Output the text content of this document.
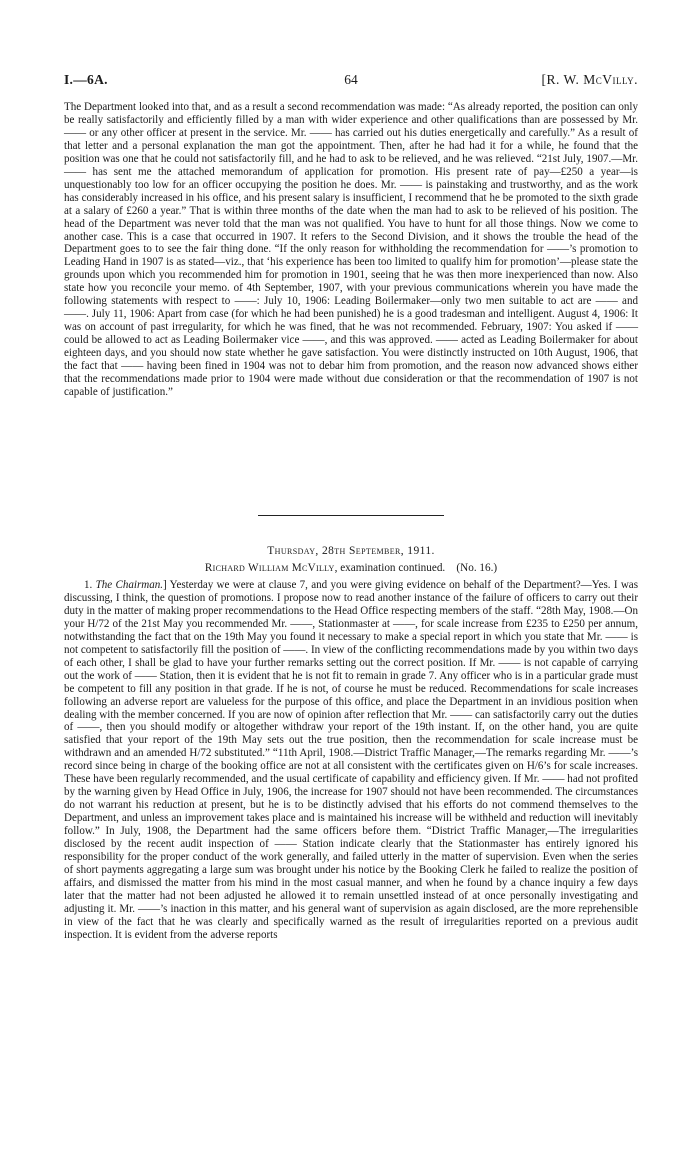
I.—6A.	64	[R. W. McVilly.

The Department looked into that, and as a result a second recommendation was made: “As already reported, the position can only be really satisfactorily and efficiently filled by a man with wider experience and other qualifications than are possessed by Mr. —— or any other officer at present in the service. Mr. —— has carried out his duties energetically and carefully.” As a result of that letter and a personal explanation the man got the appointment. Then, after he had had it for a while, he found that the position was one that he could not satisfactorily fill, and he had to ask to be relieved, and he was relieved. “21st July, 1907.—Mr. —— has sent me the attached memorandum of application for promotion. His present rate of pay—£250 a year—is unquestionably too low for an officer occupying the position he does. Mr. —— is painstaking and trustworthy, and as the work has considerably increased in his office, and his present salary is insufficient, I recommend that he be promoted to the sixth grade at a salary of £260 a year.” That is within three months of the date when the man had to ask to be relieved of his position. The head of the Department was never told that the man was not qualified. You have to hunt for all those things. Now we come to another case. This is a case that occurred in 1907. It refers to the Second Division, and it shows the trouble the head of the Department goes to to see the fair thing done. “If the only reason for withholding the recommendation for ——’s promotion to Leading Hand in 1907 is as stated—viz., that ‘his experience has been too limited to qualify him for promotion’—please state the grounds upon which you recommended him for promotion in 1901, seeing that he was then more inexperienced than now. Also state how you reconcile your memo. of 4th September, 1907, with your previous communications wherein you have made the following statements with respect to ——: July 10, 1906: Leading Boilermaker—only two men suitable to act are —— and ——. July 11, 1906: Apart from case (for which he had been punished) he is a good tradesman and intelligent. August 4, 1906: It was on account of past irregularity, for which he was fined, that he was not recommended. February, 1907: You asked if —— could be allowed to act as Leading Boilermaker vice ——, and this was approved. —— acted as Leading Boilermaker for about eighteen days, and you should now state whether he gave satisfaction. You were distinctly instructed on 10th August, 1906, that the fact that —— having been fined in 1904 was not to debar him from promotion, and the reason now advanced shows either that the recommendations made prior to 1904 were made without due consideration or that the recommendation of 1907 is not capable of justification.”

Thursday, 28th September, 1911.
Richard William McVilly, examination continued. (No. 16.)

1. The Chairman.] Yesterday we were at clause 7, and you were giving evidence on behalf of the Department?—Yes. I was discussing, I think, the question of promotions. I propose now to read another instance of the failure of officers to carry out their duty in the matter of making proper recommendations to the Head Office respecting members of the staff. “28th May, 1908.—On your H/72 of the 21st May you recommended Mr. ——, Stationmaster at ——, for scale increase from £235 to £250 per annum, notwithstanding the fact that on the 19th May you found it necessary to make a special report in which you state that Mr. —— is not competent to satisfactorily fill the position of ——. In view of the conflicting recommendations made by you within two days of each other, I shall be glad to have your further remarks setting out the correct position. If Mr. —— is not capable of carrying out the work of —— Station, then it is evident that he is not fit to remain in grade 7. Any officer who is in a particular grade must be competent to fill any position in that grade. If he is not, of course he must be reduced. Recommendations for scale increases following an adverse report are valueless for the purpose of this office, and place the Department in an invidious position when dealing with the member concerned. If you are now of opinion after reflection that Mr. —— can satisfactorily carry out the duties of ——, then you should modify or altogether withdraw your report of the 19th instant. If, on the other hand, you are quite satisfied that your report of the 19th May sets out the true position, then the recommendation for scale increase must be withdrawn and an amended H/72 substituted.” “11th April, 1908.—District Traffic Manager,—The remarks regarding Mr. ——’s record since being in charge of the booking office are not at all consistent with the certificates given on H/6’s for scale increases. These have been regularly recommended, and the usual certificate of capability and efficiency given. If Mr. —— had not profited by the warning given by Head Office in July, 1906, the increase for 1907 should not have been recommended. The circumstances do not warrant his reduction at present, but he is to be distinctly advised that his efforts do not commend themselves to the Department, and unless an improvement takes place and is maintained his increase will be withheld and reduction will inevitably follow.” In July, 1908, the Department had the same officers before them. “District Traffic Manager,—The irregularities disclosed by the recent audit inspection of —— Station indicate clearly that the Stationmaster has entirely ignored his responsibility for the proper conduct of the work generally, and failed utterly in the matter of supervision. Even when the series of short payments aggregating a large sum was brought under his notice by the Booking Clerk he failed to realize the position of affairs, and dismissed the matter from his mind in the most casual manner, and when he found by a chance inquiry a few days later that the matter had not been adjusted he allowed it to remain unsettled instead of at once personally investigating and adjusting it. Mr. ——’s inaction in this matter, and his general want of supervision as again disclosed, are the more reprehensible in view of the fact that he was clearly and specifically warned as the result of irregularities reported on a previous audit inspection. It is evident from the adverse reports
